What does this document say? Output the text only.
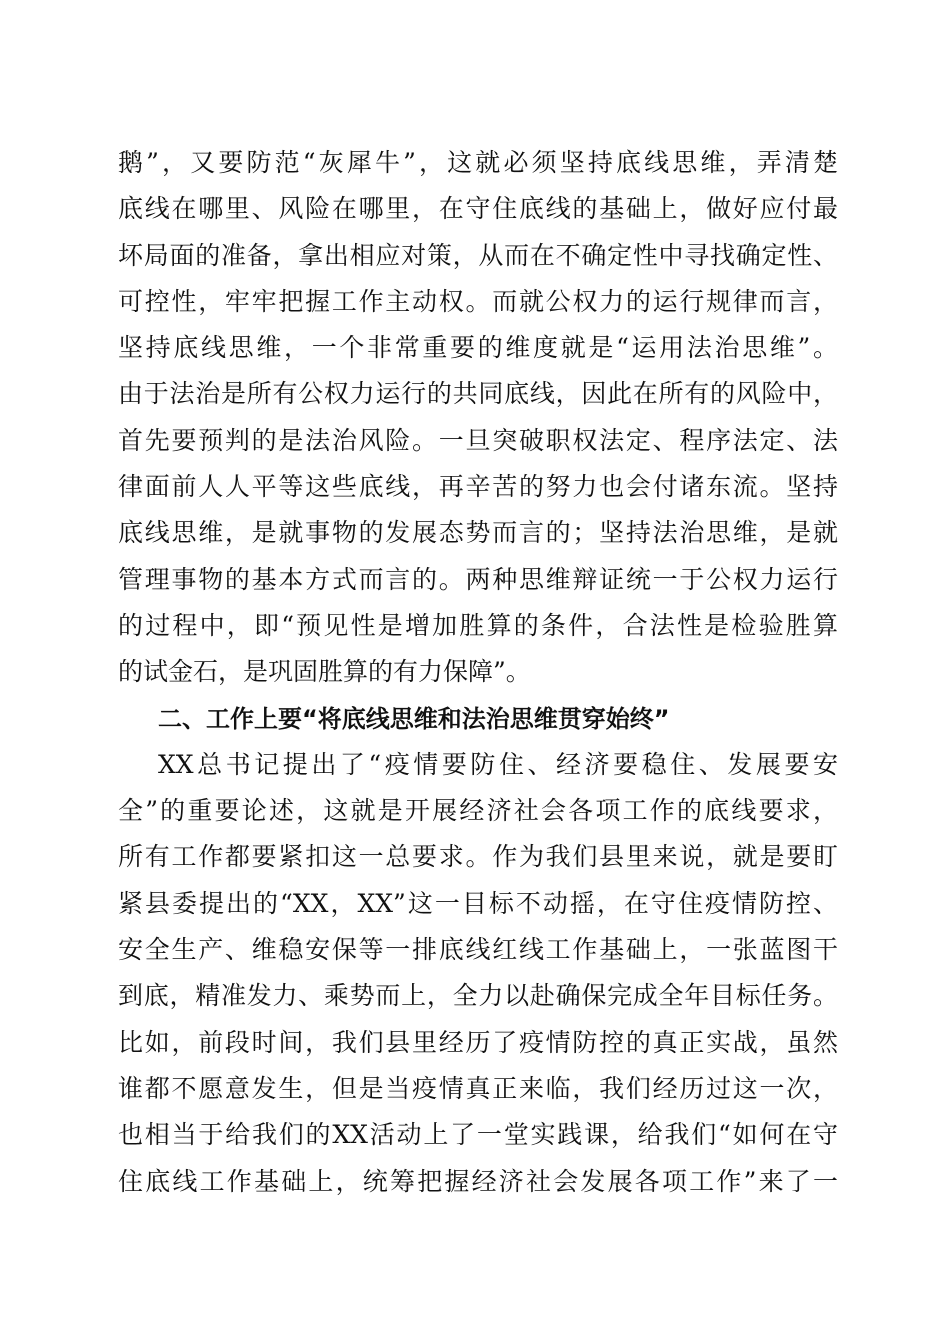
鹅”，又要防范“灰犀牛”，这就必须坚持底线思维，弄清楚
底线在哪里、风险在哪里，在守住底线的基础上，做好应付最
坏局面的准备，拿出相应对策，从而在不确定性中寻找确定性、
可控性，牢牢把握工作主动权。而就公权力的运行规律而言，
坚持底线思维，一个非常重要的维度就是“运用法治思维”。
由于法治是所有公权力运行的共同底线，因此在所有的风险中，
首先要预判的是法治风险。一旦突破职权法定、程序法定、法
律面前人人平等这些底线，再辛苦的努力也会付诸东流。坚持
底线思维，是就事物的发展态势而言的；坚持法治思维，是就
管理事物的基本方式而言的。两种思维辩证统一于公权力运行
的过程中，即“预见性是增加胜算的条件，合法性是检验胜算
的试金石，是巩固胜算的有力保障”。
二、工作上要“将底线思维和法治思维贯穿始终”
XX总书记提出了“疫情要防住、经济要稳住、发展要安
全”的重要论述，这就是开展经济社会各项工作的底线要求，
所有工作都要紧扣这一总要求。作为我们县里来说，就是要盯
紧县委提出的“XX，XX”这一目标不动摇，在守住疫情防控、
安全生产、维稳安保等一排底线红线工作基础上，一张蓝图干
到底，精准发力、乘势而上，全力以赴确保完成全年目标任务。
比如，前段时间，我们县里经历了疫情防控的真正实战，虽然
谁都不愿意发生，但是当疫情真正来临，我们经历过这一次，
也相当于给我们的XX活动上了一堂实践课，给我们“如何在守
住底线工作基础上，统筹把握经济社会发展各项工作”来了一
